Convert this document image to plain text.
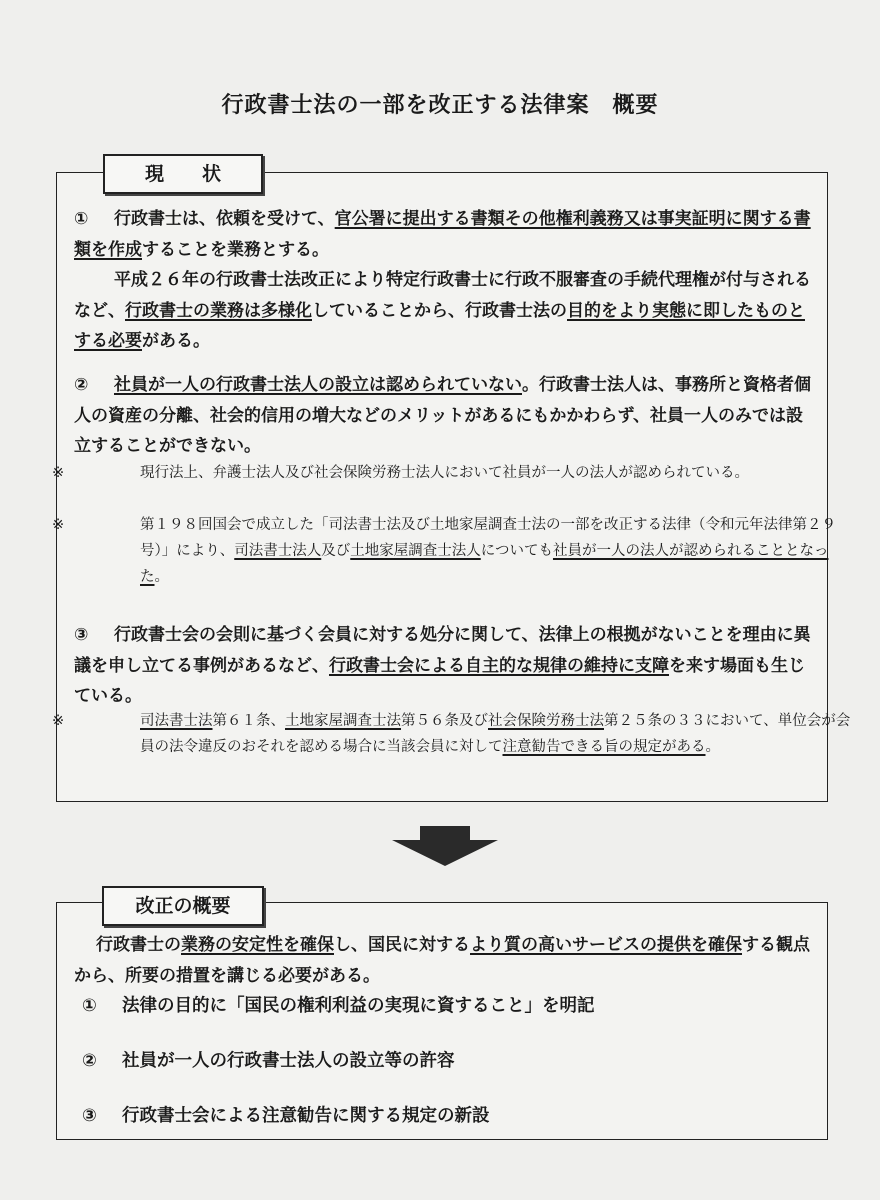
行政書士法の一部を改正する法律案　概要
現　　状

① 行政書士は、依頼を受けて、官公署に提出する書類その他権利義務又は事実証明に関する書類を作成することを業務とする。
平成２６年の行政書士法改正により特定行政書士に行政不服審査の手続代理権が付与されるなど、行政書士の業務は多様化していることから、行政書士法の目的をより実態に即したものとする必要がある。

② 社員が一人の行政書士法人の設立は認められていない。行政書士法人は、事務所と資格者個人の資産の分離、社会的信用の増大などのメリットがあるにもかかわらず、社員一人のみでは設立することができない。

※	現行法上、弁護士法人及び社会保険労務士法人において社員が一人の法人が認められている。

※	第１９８回国会で成立した「司法書士法及び土地家屋調査士法の一部を改正する法律（令和元年法律第２９号）」により、司法書士法人及び土地家屋調査士法人についても社員が一人の法人が認められることとなった。

③ 行政書士会の会則に基づく会員に対する処分に関して、法律上の根拠がないことを理由に異議を申し立てる事例があるなど、行政書士会による自主的な規律の維持に支障を来す場面も生じている。

※	司法書士法第６１条、土地家屋調査士法第５６条及び社会保険労務士法第２５条の３３において、単位会が会員の法令違反のおそれを認める場合に当該会員に対して注意勧告できる旨の規定がある。

改正の概要

行政書士の業務の安定性を確保し、国民に対するより質の高いサービスの提供を確保する観点から、所要の措置を講じる必要がある。

① 法律の目的に「国民の権利利益の実現に資すること」を明記
② 社員が一人の行政書士法人の設立等の許容
③ 行政書士会による注意勧告に関する規定の新設
